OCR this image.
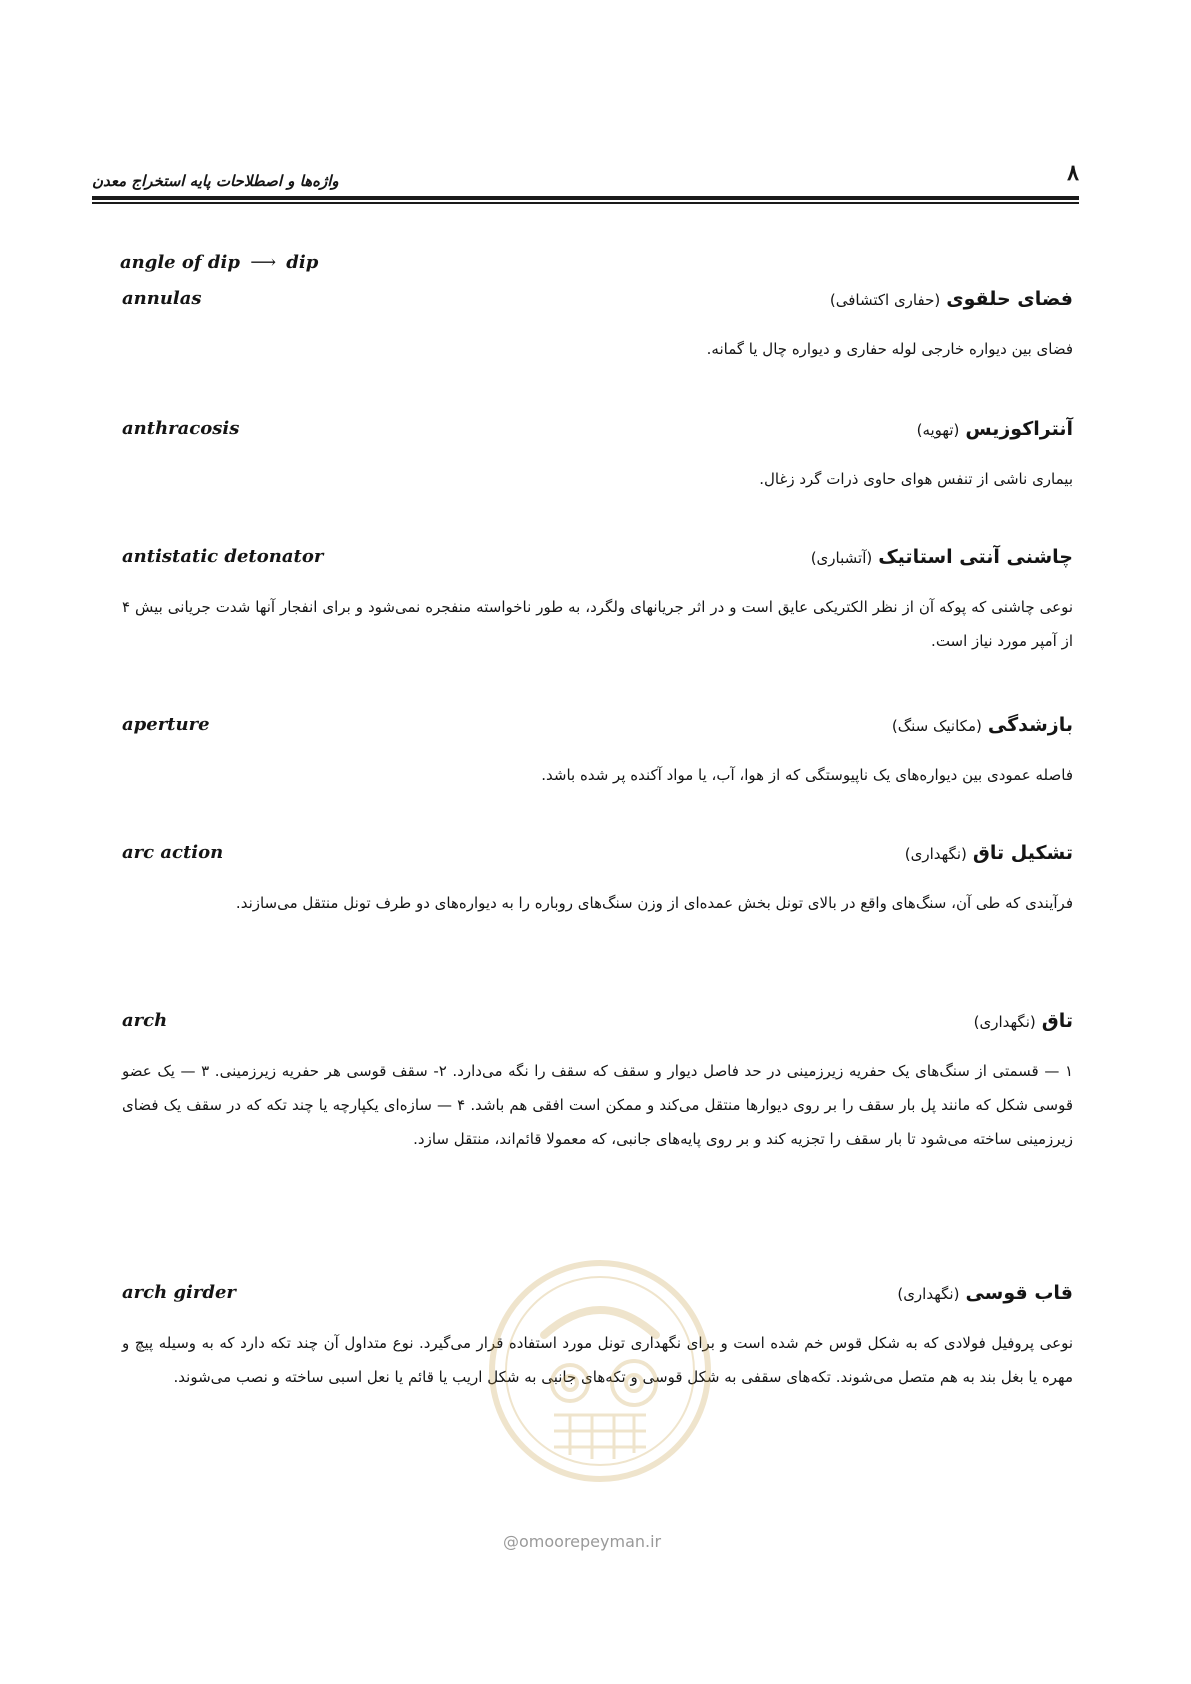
۸
واژه‌ها و اصطلاحات پایه استخراج معدن
angle of dip ⟶ dip
annulas	فضای حلقوی(حفاری اکتشافی)
فضای بین دیواره خارجی لوله حفاری و دیواره چال یا گمانه.
anthracosis	آنتراکوزیس(تهویه)
بیماری ناشی از تنفس هوای حاوی ذرات گرد زغال.
antistatic detonator	چاشنی آنتی استاتیک(آتشباری)
نوعی چاشنی که پوکه آن از نظر الکتریکی عایق است و در اثر جریانهای ولگرد، به طور ناخواسته منفجره نمی‌شود و برای انفجار آنها شدت جریانی بیش ۴ از آمپر مورد نیاز است.
aperture	بازشدگی(مکانیک سنگ)
فاصله عمودی بین دیواره‌های یک ناپیوستگی که از هوا، آب، یا مواد آکنده پر شده باشد.
arc action	تشکیل تاق(نگهداری)
فرآیندی که طی آن، سنگ‌های واقع در بالای تونل بخش عمده‌ای از وزن سنگ‌های روباره را به دیواره‌های دو طرف تونل منتقل می‌سازند.
arch	تاق(نگهداری)
۱ — قسمتی از سنگ‌های یک حفریه زیرزمینی در حد فاصل دیوار و سقف که سقف را نگه می‌دارد. ۲- سقف قوسی هر حفریه زیرزمینی. ۳ — یک عضو قوسی شکل که مانند پل بار سقف را بر روی دیوارها منتقل می‌کند و ممکن است افقی هم باشد. ۴ — سازه‌ای یکپارچه یا چند تکه که در سقف یک فضای زیرزمینی ساخته می‌شود تا بار سقف را تجزیه کند و بر روی پایه‌های جانبی، که معمولا قائم‌اند، منتقل سازد.
arch girder	قاب قوسی(نگهداری)
نوعی پروفیل فولادی که به شکل قوس خم شده است و برای نگهداری تونل مورد استفاده قرار می‌گیرد. نوع متداول آن چند تکه دارد که به وسیله پیچ و مهره یا بغل بند به هم متصل می‌شوند. تکه‌های سقفی به شکل قوسی و تکه‌های جانبی به شکل اریب یا قائم یا نعل اسبی ساخته و نصب می‌شوند.
@omoorepeyman.ir
